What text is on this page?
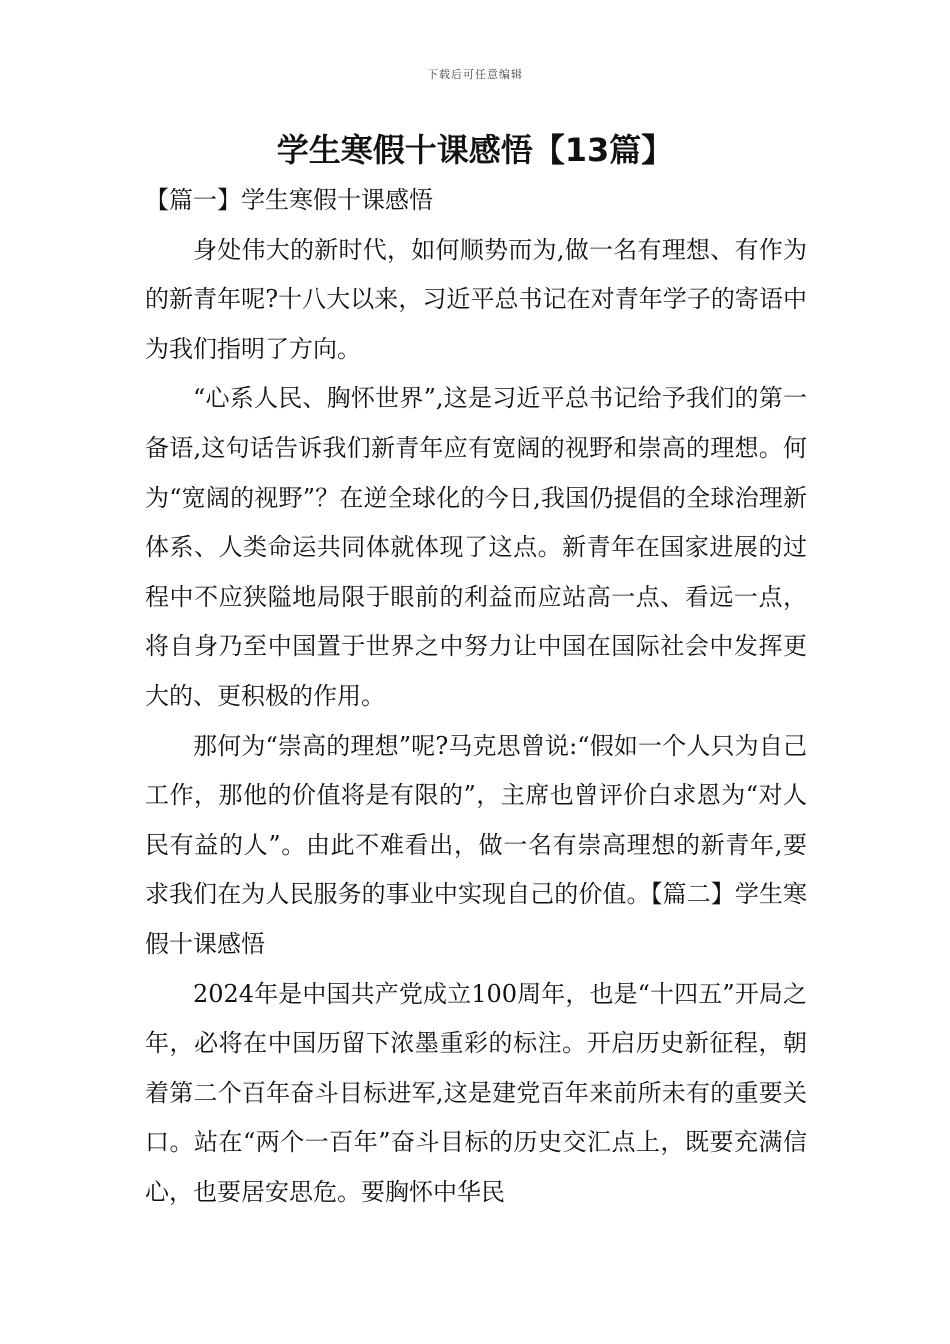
下载后可任意编辑
学生寒假十课感悟【13篇】

【篇一】学生寒假十课感悟

身处伟大的新时代，如何顺势而为,做一名有理想、有作为的新青年呢?十八大以来，习近平总书记在对青年学子的寄语中为我们指明了方向。

“心系人民、胸怀世界”,这是习近平总书记给予我们的第一备语,这句话告诉我们新青年应有宽阔的视野和崇高的理想。何为“宽阔的视野”？在逆全球化的今日,我国仍提倡的全球治理新体系、人类命运共同体就体现了这点。新青年在国家进展的过程中不应狭隘地局限于眼前的利益而应站高一点、看远一点，将自身乃至中国置于世界之中努力让中国在国际社会中发挥更大的、更积极的作用。

那何为“崇高的理想”呢?马克思曾说:“假如一个人只为自己工作，那他的价值将是有限的”，主席也曾评价白求恩为“对人民有益的人”。由此不难看出，做一名有崇高理想的新青年,要求我们在为人民服务的事业中实现自己的价值。【篇二】学生寒假十课感悟

2024年是中国共产党成立100周年，也是“十四五”开局之年，必将在中国历留下浓墨重彩的标注。开启历史新征程，朝着第二个百年奋斗目标进军,这是建党百年来前所未有的重要关口。站在“两个一百年”奋斗目标的历史交汇点上，既要充满信心，也要居安思危。要胸怀中华民
